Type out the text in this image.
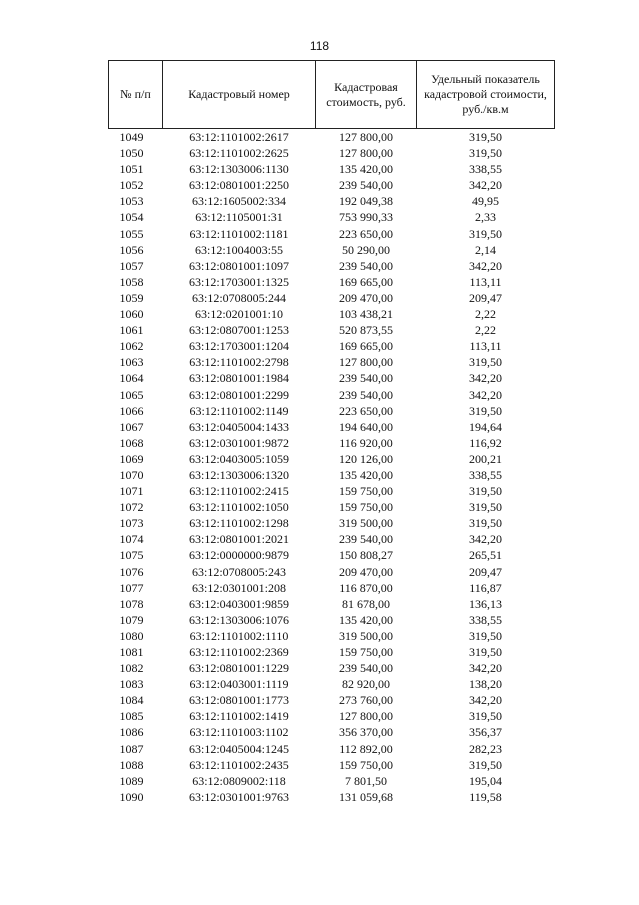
118
№ п/п	Кадастровый номер	Кадастровая стоимость, руб.	Удельный показатель кадастровой стоимости, руб./кв.м
1049	63:12:1101002:2617	127 800,00	319,50
1050	63:12:1101002:2625	127 800,00	319,50
1051	63:12:1303006:1130	135 420,00	338,55
1052	63:12:0801001:2250	239 540,00	342,20
1053	63:12:1605002:334	192 049,38	49,95
1054	63:12:1105001:31	753 990,33	2,33
1055	63:12:1101002:1181	223 650,00	319,50
1056	63:12:1004003:55	50 290,00	2,14
1057	63:12:0801001:1097	239 540,00	342,20
1058	63:12:1703001:1325	169 665,00	113,11
1059	63:12:0708005:244	209 470,00	209,47
1060	63:12:0201001:10	103 438,21	2,22
1061	63:12:0807001:1253	520 873,55	2,22
1062	63:12:1703001:1204	169 665,00	113,11
1063	63:12:1101002:2798	127 800,00	319,50
1064	63:12:0801001:1984	239 540,00	342,20
1065	63:12:0801001:2299	239 540,00	342,20
1066	63:12:1101002:1149	223 650,00	319,50
1067	63:12:0405004:1433	194 640,00	194,64
1068	63:12:0301001:9872	116 920,00	116,92
1069	63:12:0403005:1059	120 126,00	200,21
1070	63:12:1303006:1320	135 420,00	338,55
1071	63:12:1101002:2415	159 750,00	319,50
1072	63:12:1101002:1050	159 750,00	319,50
1073	63:12:1101002:1298	319 500,00	319,50
1074	63:12:0801001:2021	239 540,00	342,20
1075	63:12:0000000:9879	150 808,27	265,51
1076	63:12:0708005:243	209 470,00	209,47
1077	63:12:0301001:208	116 870,00	116,87
1078	63:12:0403001:9859	81 678,00	136,13
1079	63:12:1303006:1076	135 420,00	338,55
1080	63:12:1101002:1110	319 500,00	319,50
1081	63:12:1101002:2369	159 750,00	319,50
1082	63:12:0801001:1229	239 540,00	342,20
1083	63:12:0403001:1119	82 920,00	138,20
1084	63:12:0801001:1773	273 760,00	342,20
1085	63:12:1101002:1419	127 800,00	319,50
1086	63:12:1101003:1102	356 370,00	356,37
1087	63:12:0405004:1245	112 892,00	282,23
1088	63:12:1101002:2435	159 750,00	319,50
1089	63:12:0809002:118	7 801,50	195,04
1090	63:12:0301001:9763	131 059,68	119,58
